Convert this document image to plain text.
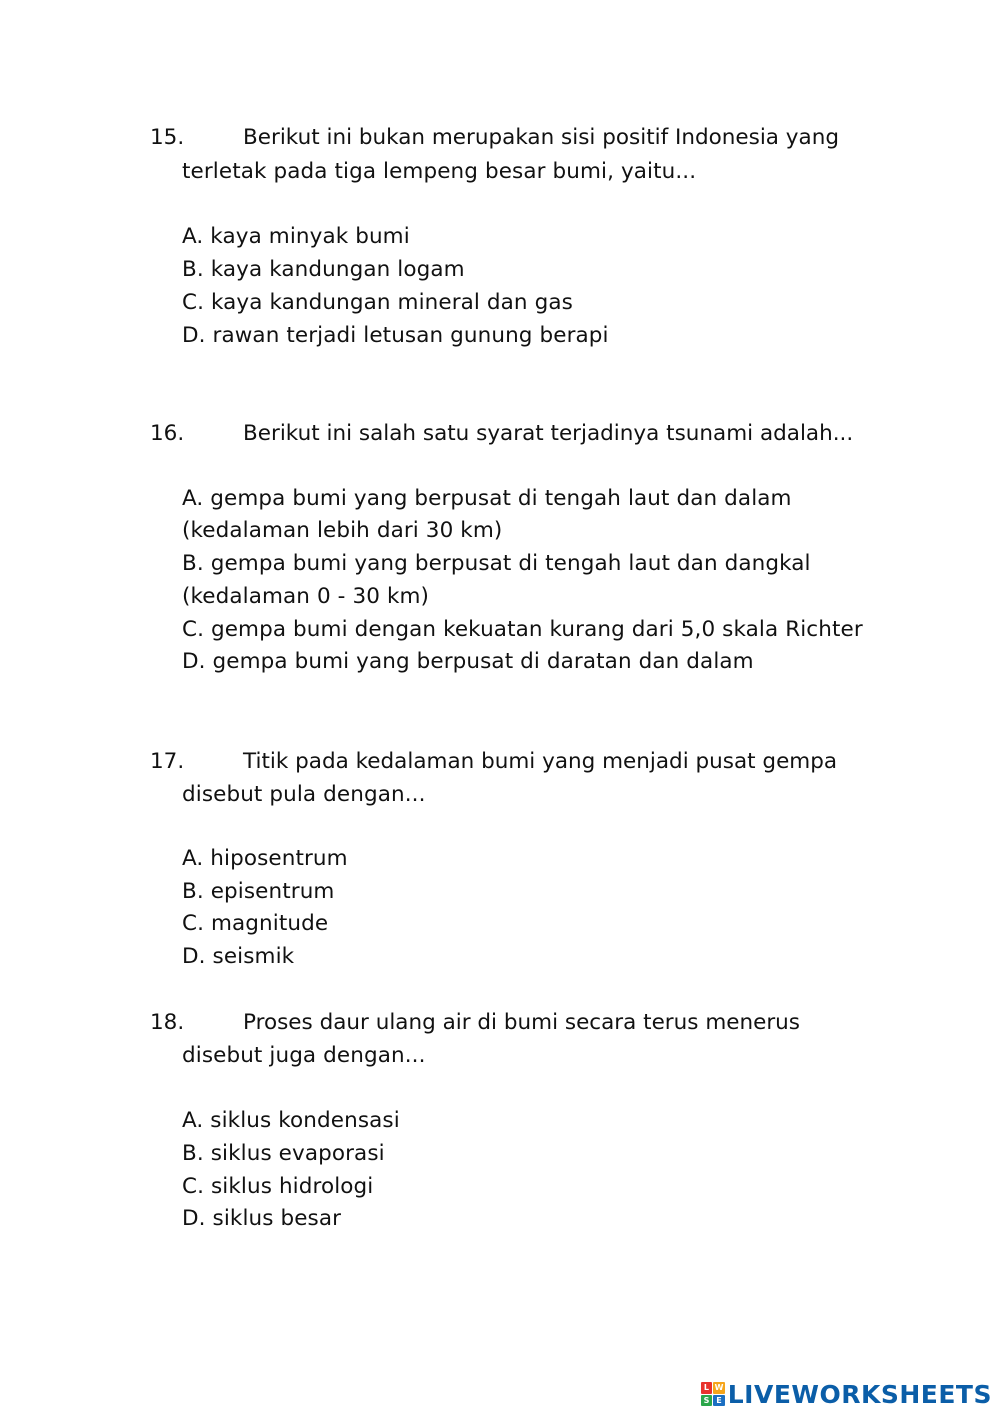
15.	Berikut ini bukan merupakan sisi positif Indonesia yang
terletak pada tiga lempeng besar bumi, yaitu...
A. kaya minyak bumi
B. kaya kandungan logam
C. kaya kandungan mineral dan gas
D. rawan terjadi letusan gunung berapi
16.	Berikut ini salah satu syarat terjadinya tsunami adalah...
A. gempa bumi yang berpusat di tengah laut dan dalam
(kedalaman lebih dari 30 km)
B. gempa bumi yang berpusat di tengah laut dan dangkal
(kedalaman 0 - 30 km)
C. gempa bumi dengan kekuatan kurang dari 5,0 skala Richter
D. gempa bumi yang berpusat di daratan dan dalam
17.	Titik pada kedalaman bumi yang menjadi pusat gempa
disebut pula dengan...
A. hiposentrum
B. episentrum
C. magnitude
D. seismik
18.	Proses daur ulang air di bumi secara terus menerus
disebut juga dengan...
A. siklus kondensasi
B. siklus evaporasi
C. siklus hidrologi
D. siklus besar
L W
S E LIVEWORKSHEETS
